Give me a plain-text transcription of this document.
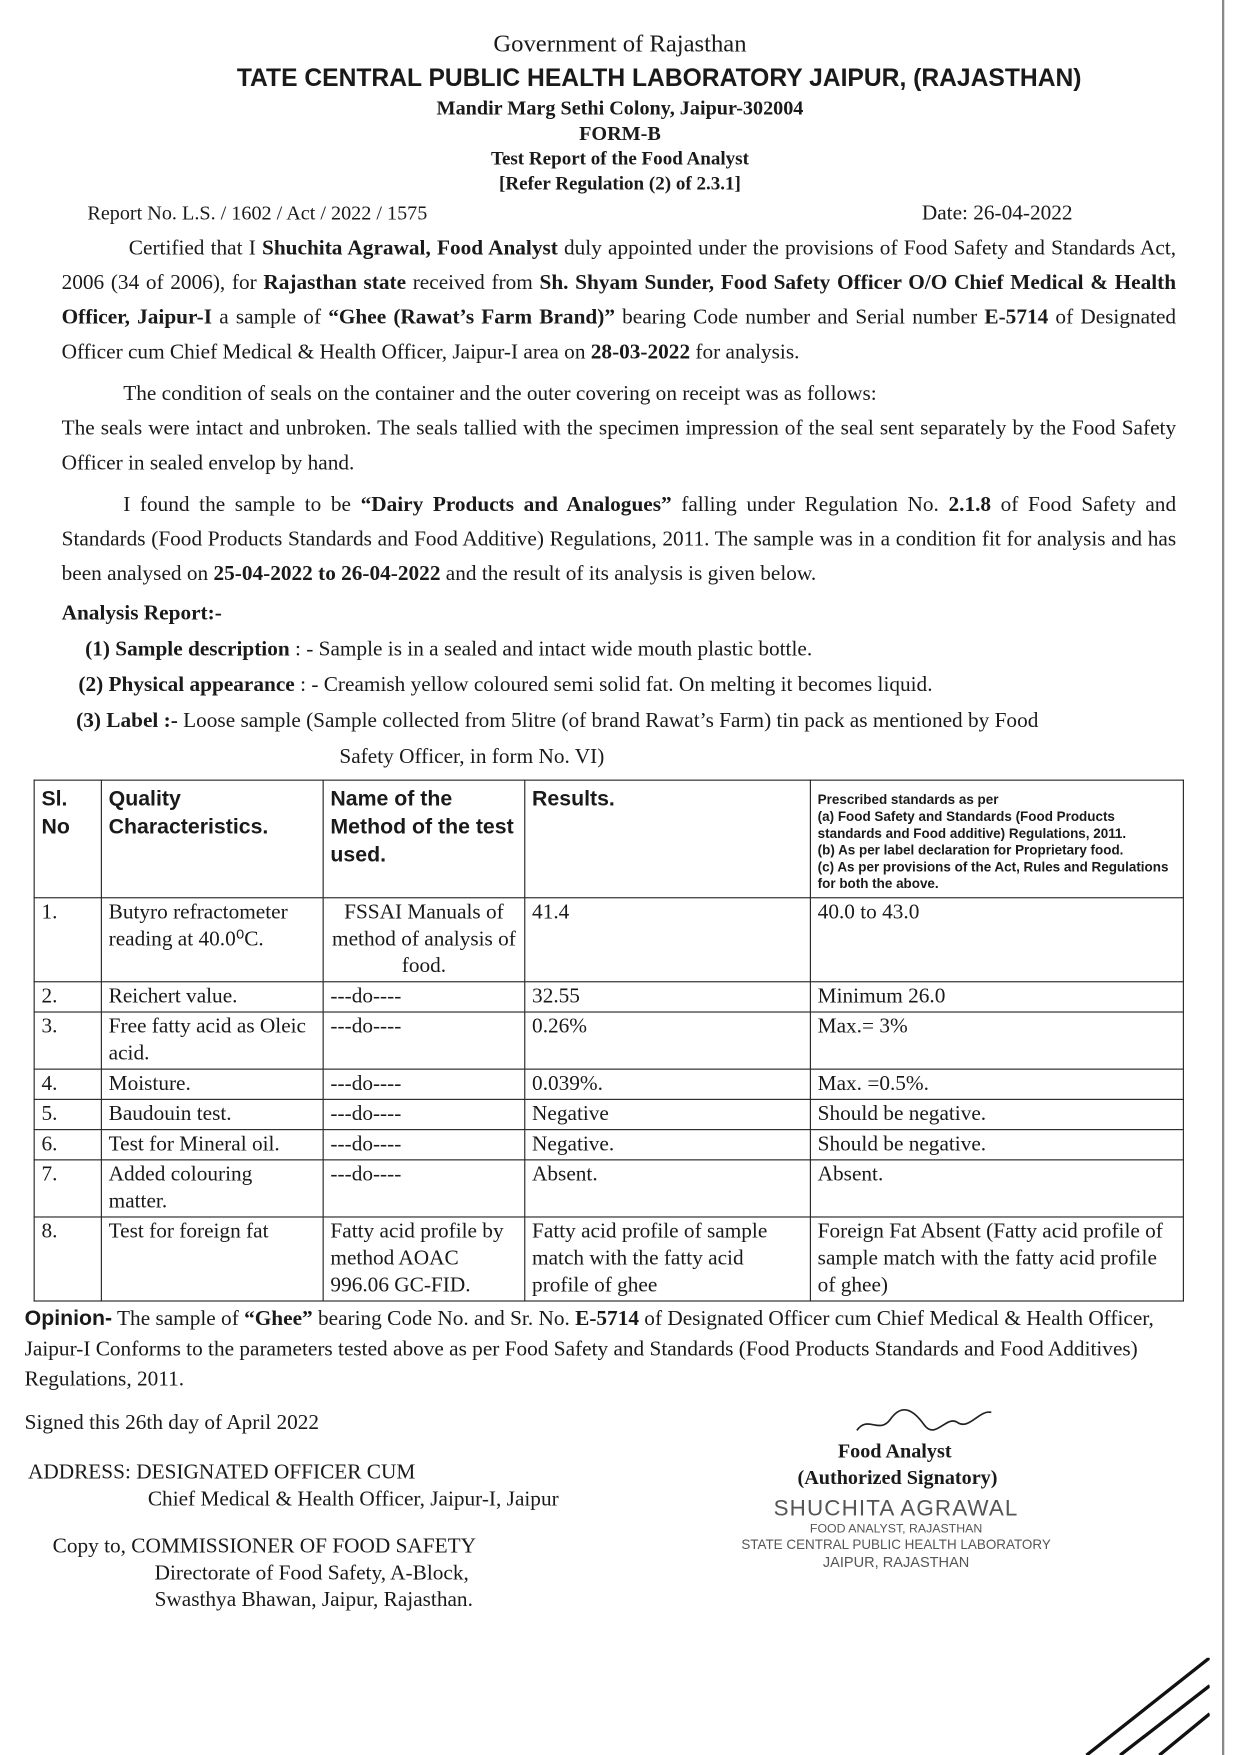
Government of Rajasthan
TATE CENTRAL PUBLIC HEALTH LABORATORY JAIPUR, (RAJASTHAN)
Mandir Marg Sethi Colony, Jaipur-302004
FORM-B
Test Report of the Food Analyst
[Refer Regulation (2) of 2.3.1]
Report No. L.S. / 1602 / Act / 2022 / 1575	Date: 26-04-2022
Certified that I Shuchita Agrawal, Food Analyst duly appointed under the provisions of Food Safety and Standards Act, 2006 (34 of 2006), for Rajasthan state received from Sh. Shyam Sunder, Food Safety Officer O/O Chief Medical & Health Officer, Jaipur-I a sample of “Ghee (Rawat’s Farm Brand)” bearing Code number and Serial number E-5714 of Designated Officer cum Chief Medical & Health Officer, Jaipur-I area on 28-03-2022 for analysis.
The condition of seals on the container and the outer covering on receipt was as follows:
The seals were intact and unbroken. The seals tallied with the specimen impression of the seal sent separately by the Food Safety Officer in sealed envelop by hand.
I found the sample to be “Dairy Products and Analogues” falling under Regulation No. 2.1.8 of Food Safety and Standards (Food Products Standards and Food Additive) Regulations, 2011. The sample was in a condition fit for analysis and has been analysed on 25-04-2022 to 26-04-2022 and the result of its analysis is given below.
Analysis Report:-
(1) Sample description : - Sample is in a sealed and intact wide mouth plastic bottle.
(2) Physical appearance : - Creamish yellow coloured semi solid fat. On melting it becomes liquid.
(3) Label :- Loose sample (Sample collected from 5litre (of brand Rawat’s Farm) tin pack as mentioned by Food
Safety Officer, in form No. VI)
Sl. No	Quality Characteristics.	Name of the Method of the test used.	Results.	Prescribed standards as per
(a) Food Safety and Standards (Food Products standards and Food additive) Regulations, 2011.
(b) As per label declaration for Proprietary food.
(c) As per provisions of the Act, Rules and Regulations for both the above.

1.	Butyro refractometer reading at 40.0⁰C.	FSSAI Manuals of method of analysis of food.	41.4	40.0 to 43.0
2.	Reichert value.	---do----	32.55	Minimum 26.0
3.	Free fatty acid as Oleic acid.	---do----	0.26%	Max.= 3%
4.	Moisture.	---do----	0.039%.	Max. =0.5%.
5.	Baudouin test.	---do----	Negative	Should be negative.
6.	Test for Mineral oil.	---do----	Negative.	Should be negative.
7.	Added colouring matter.	---do----	Absent.	Absent.
8.	Test for foreign fat	Fatty acid profile by method AOAC 996.06 GC-FID.	Fatty acid profile of sample match with the fatty acid profile of ghee	Foreign Fat Absent (Fatty acid profile of sample match with the fatty acid profile of ghee)
Opinion- The sample of “Ghee” bearing Code No. and Sr. No. E-5714 of Designated Officer cum Chief Medical & Health Officer, Jaipur-I Conforms to the parameters tested above as per Food Safety and Standards (Food Products Standards and Food Additives) Regulations, 2011.
Signed this 26th day of April 2022
ADDRESS: DESIGNATED OFFICER CUM
Chief Medical & Health Officer, Jaipur-I, Jaipur
Copy to, COMMISSIONER OF FOOD SAFETY
Directorate of Food Safety, A-Block,
Swasthya Bhawan, Jaipur, Rajasthan.
Food Analyst
(Authorized Signatory)
SHUCHITA AGRAWAL
FOOD ANALYST, RAJASTHAN
STATE CENTRAL PUBLIC HEALTH LABORATORY
JAIPUR, RAJASTHAN
